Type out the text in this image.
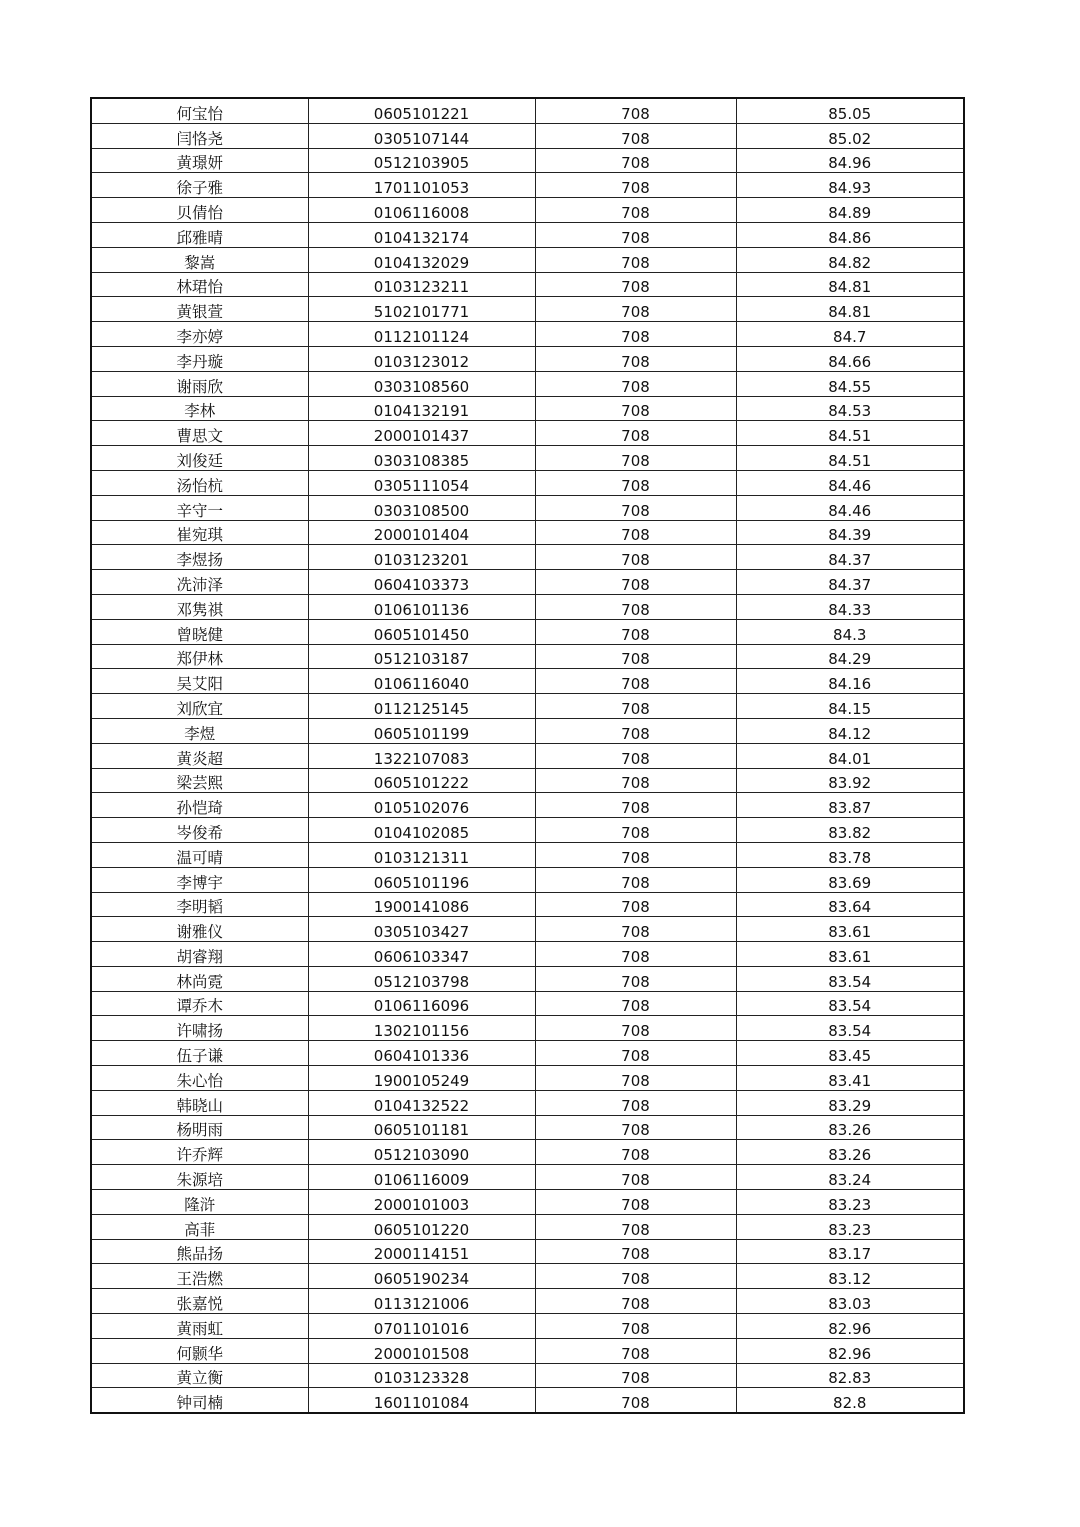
何宝怡	0605101221	708	85.05
闫恪尧	0305107144	708	85.02
黄璟妍	0512103905	708	84.96
徐子雅	1701101053	708	84.93
贝倩怡	0106116008	708	84.89
邱雅晴	0104132174	708	84.86
黎嵩	0104132029	708	84.82
林珺怡	0103123211	708	84.81
黄银萱	5102101771	708	84.81
李亦婷	0112101124	708	84.7
李丹璇	0103123012	708	84.66
谢雨欣	0303108560	708	84.55
李林	0104132191	708	84.53
曹思文	2000101437	708	84.51
刘俊廷	0303108385	708	84.51
汤怡杭	0305111054	708	84.46
辛守一	0303108500	708	84.46
崔宛琪	2000101404	708	84.39
李煜扬	0103123201	708	84.37
冼沛泽	0604103373	708	84.37
邓隽祺	0106101136	708	84.33
曾晓健	0605101450	708	84.3
郑伊林	0512103187	708	84.29
吴艾阳	0106116040	708	84.16
刘欣宜	0112125145	708	84.15
李煜	0605101199	708	84.12
黄炎超	1322107083	708	84.01
梁芸熙	0605101222	708	83.92
孙恺琦	0105102076	708	83.87
岑俊希	0104102085	708	83.82
温可晴	0103121311	708	83.78
李博宇	0605101196	708	83.69
李明韬	1900141086	708	83.64
谢雅仪	0305103427	708	83.61
胡睿翔	0606103347	708	83.61
林尚霓	0512103798	708	83.54
谭乔木	0106116096	708	83.54
许啸扬	1302101156	708	83.54
伍子谦	0604101336	708	83.45
朱心怡	1900105249	708	83.41
韩晓山	0104132522	708	83.29
杨明雨	0605101181	708	83.26
许乔辉	0512103090	708	83.26
朱源培	0106116009	708	83.24
隆浒	2000101003	708	83.23
高菲	0605101220	708	83.23
熊品扬	2000114151	708	83.17
王浩燃	0605190234	708	83.12
张嘉悦	0113121006	708	83.03
黄雨虹	0701101016	708	82.96
何颢华	2000101508	708	82.96
黄立衡	0103123328	708	82.83
钟司楠	1601101084	708	82.8
